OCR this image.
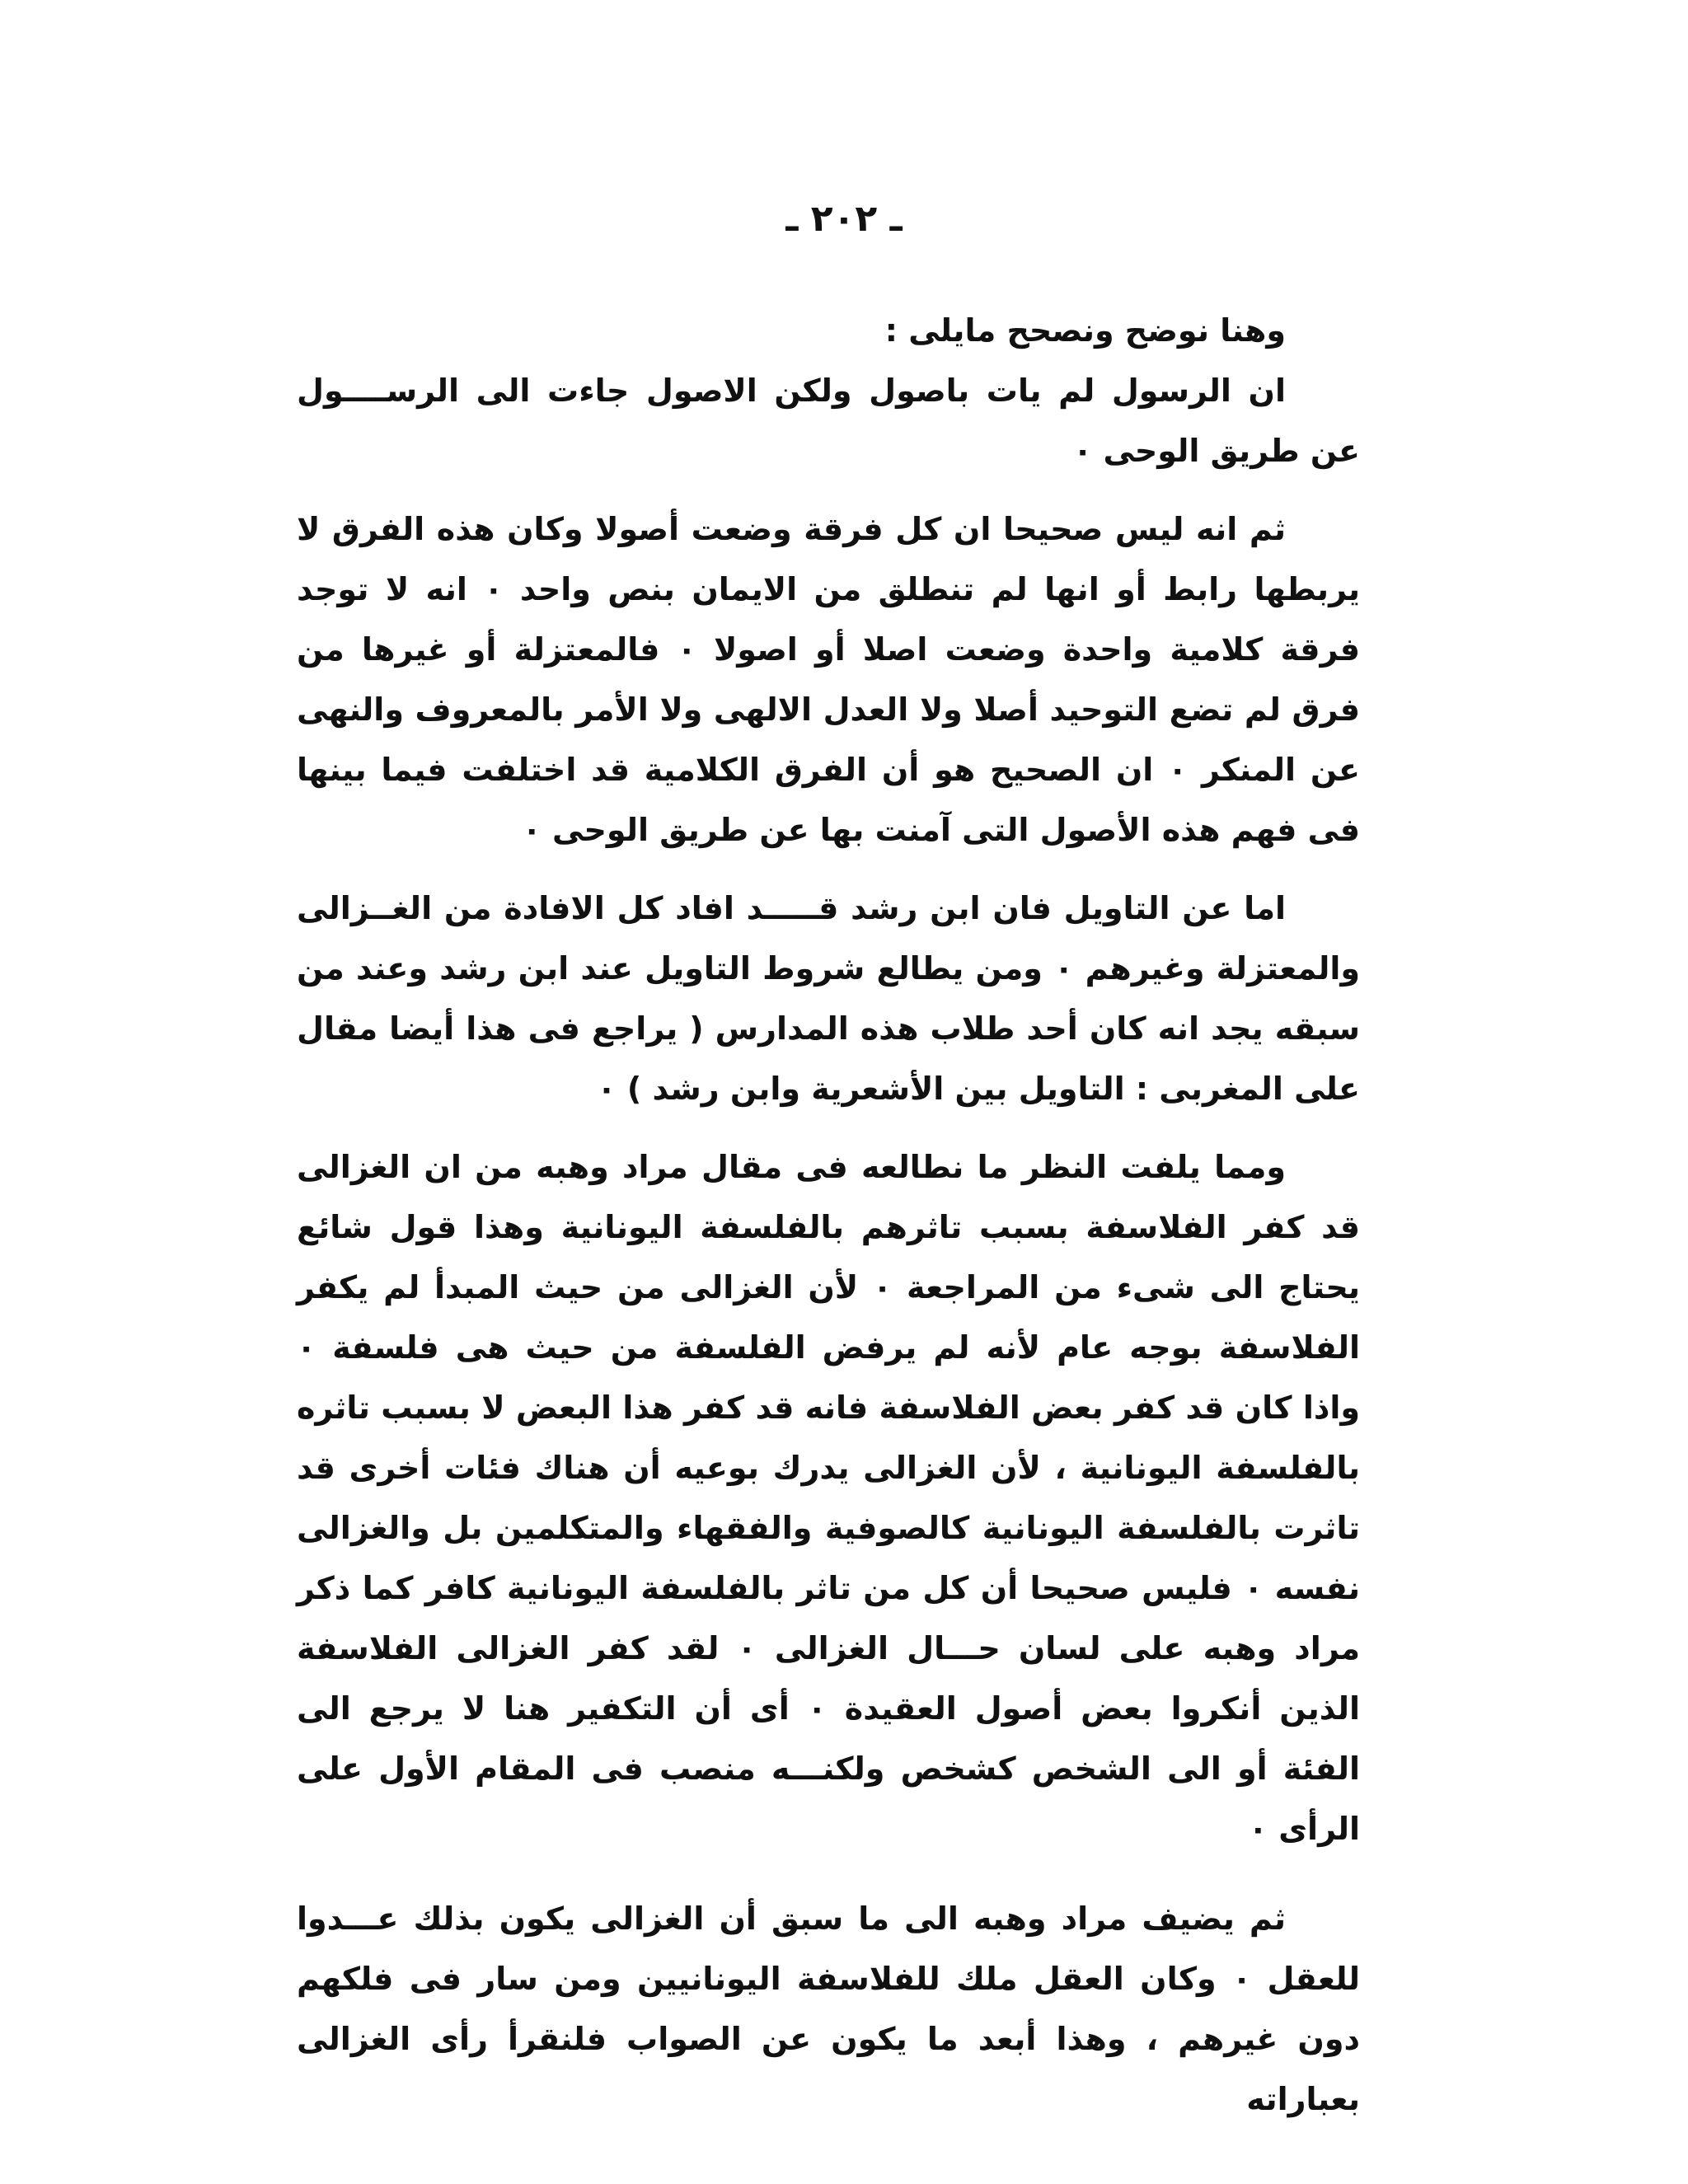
ـ ٢٠٢ ـ

وهنا نوضح ونصحح مايلى :

ان الرسول لم يات باصول ولكن الاصول جاءت الى الرســــول عن طريق الوحى ٠

ثم انه ليس صحيحا ان كل فرقة وضعت أصولا وكان هذه الفرق لا يربطها رابط أو انها لم تنطلق من الايمان بنص واحد ٠ انه لا توجد فرقة كلامية واحدة وضعت اصلا أو اصولا ٠ فالمعتزلة أو غيرها من فرق لم تضع التوحيد أصلا ولا العدل الالهى ولا الأمر بالمعروف والنهى عن المنكر ٠ ان الصحيح هو أن الفرق الكلامية قد اختلفت فيما بينها فى فهم هذه الأصول التى آمنت بها عن طريق الوحى ٠

اما عن التاويل فان ابن رشد قـــــد افاد كل الافادة من الغــزالى والمعتزلة وغيرهم ٠ ومن يطالع شروط التاويل عند ابن رشد وعند من سبقه يجد انه كان أحد طلاب هذه المدارس ( يراجع فى هذا أيضا مقال على المغربى : التاويل بين الأشعرية وابن رشد ) ٠

ومما يلفت النظر ما نطالعه فى مقال مراد وهبه من ان الغزالى قد كفر الفلاسفة بسبب تاثرهم بالفلسفة اليونانية وهذا قول شائع يحتاج الى شىء من المراجعة ٠ لأن الغزالى من حيث المبدأ لم يكفر الفلاسفة بوجه عام لأنه لم يرفض الفلسفة من حيث هى فلسفة ٠ واذا كان قد كفر بعض الفلاسفة فانه قد كفر هذا البعض لا بسبب تاثره بالفلسفة اليونانية ، لأن الغزالى يدرك بوعيه أن هناك فئات أخرى قد تاثرت بالفلسفة اليونانية كالصوفية والفقهاء والمتكلمين بل والغزالى نفسه ٠ فليس صحيحا أن كل من تاثر بالفلسفة اليونانية كافر كما ذكر مراد وهبه على لسان حـــال الغزالى ٠ لقد كفر الغزالى الفلاسفة الذين أنكروا بعض أصول العقيدة ٠ أى أن التكفير هنا لا يرجع الى الفئة أو الى الشخص كشخص ولكنـــه منصب فى المقام الأول على الرأى ٠

ثم يضيف مراد وهبه الى ما سبق أن الغزالى يكون بذلك عـــدوا للعقل ٠ وكان العقل ملك للفلاسفة اليونانيين ومن سار فى فلكهم دون غيرهم ، وهذا أبعد ما يكون عن الصواب فلنقرأ رأى الغزالى بعباراته
